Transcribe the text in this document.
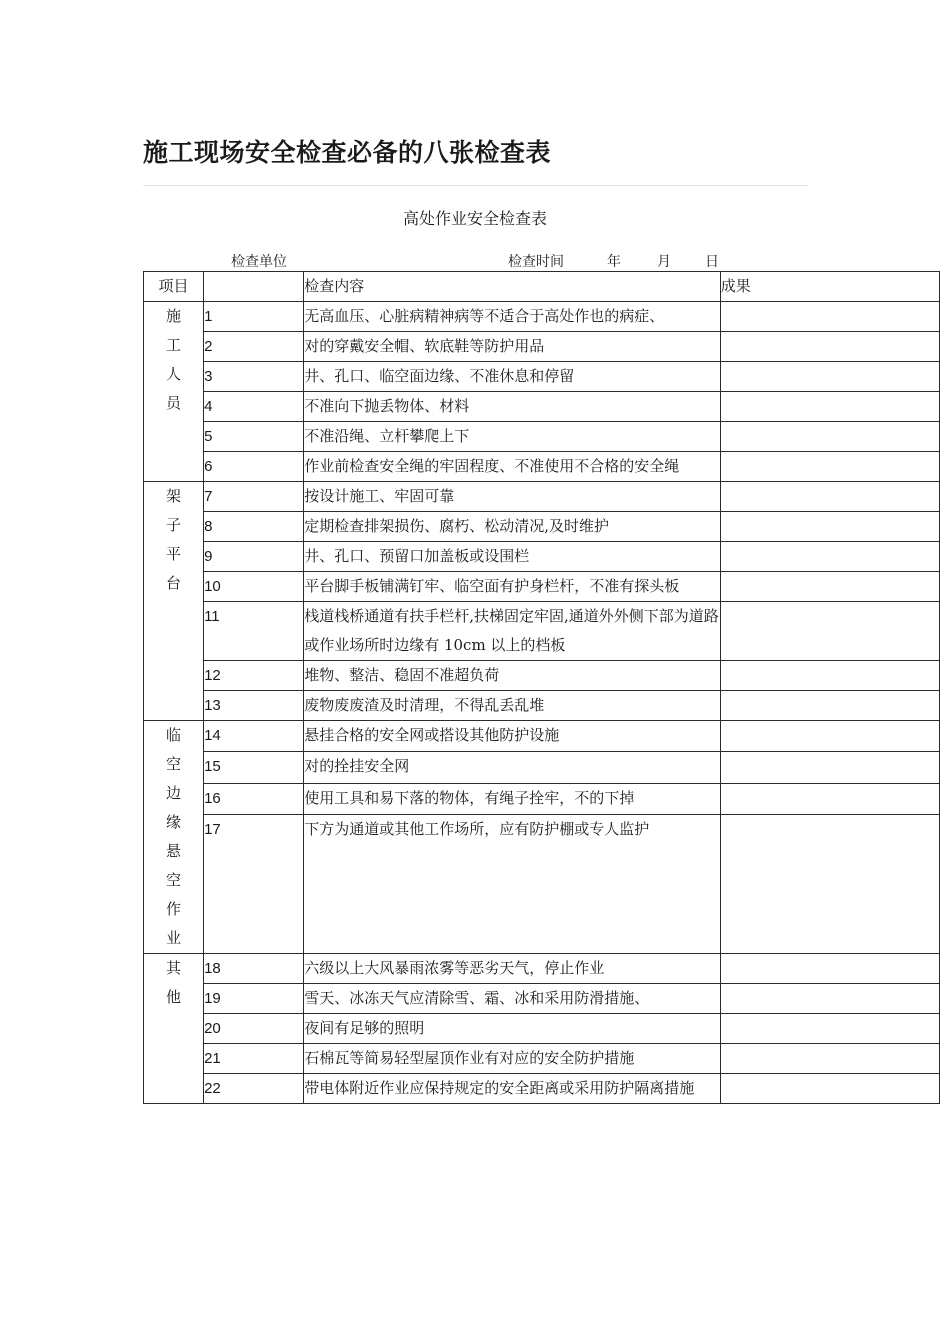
施工现场安全检查必备的八张检查表
高处作业安全检查表
检查单位	检查时间	年	月 日
项目		检查内容	成果
施工人员	1	无高血压、心脏病精神病等不适合于高处作也的病症、	
	2	对的穿戴安全帽、软底鞋等防护用品	
	3	井、孔口、临空面边缘、不准休息和停留	
	4	不准向下抛丢物体、材料	
	5	不准沿绳、立杆攀爬上下	
	6	作业前检查安全绳的牢固程度、不准使用不合格的安全绳	
架子平台	7	按设计施工、牢固可靠	
	8	定期检查排架损伤、腐朽、松动清况,及时维护	
	9	井、孔口、预留口加盖板或设围栏	
	10	平台脚手板铺满钉牢、临空面有护身栏杆，不准有探头板	
	11	栈道栈桥通道有扶手栏杆,扶梯固定牢固,通道外外侧下部为道路或作业场所时边缘有 10cm 以上的档板	
	12	堆物、整洁、稳固不准超负荷	
	13	废物废废渣及时清理，不得乱丢乱堆	
临空边缘悬空作业	14	悬挂合格的安全网或搭设其他防护设施	
	15	对的拴挂安全网	
	16	使用工具和易下落的物体，有绳子拴牢，不的下掉	
	17	下方为通道或其他工作场所，应有防护棚或专人监护	
其他	18	六级以上大风暴雨浓雾等恶劣天气，停止作业	
	19	雪天、冰冻天气应清除雪、霜、冰和采用防滑措施、	
	20	夜间有足够的照明	
	21	石棉瓦等简易轻型屋顶作业有对应的安全防护措施	
	22	带电体附近作业应保持规定的安全距离或采用防护隔离措施	
